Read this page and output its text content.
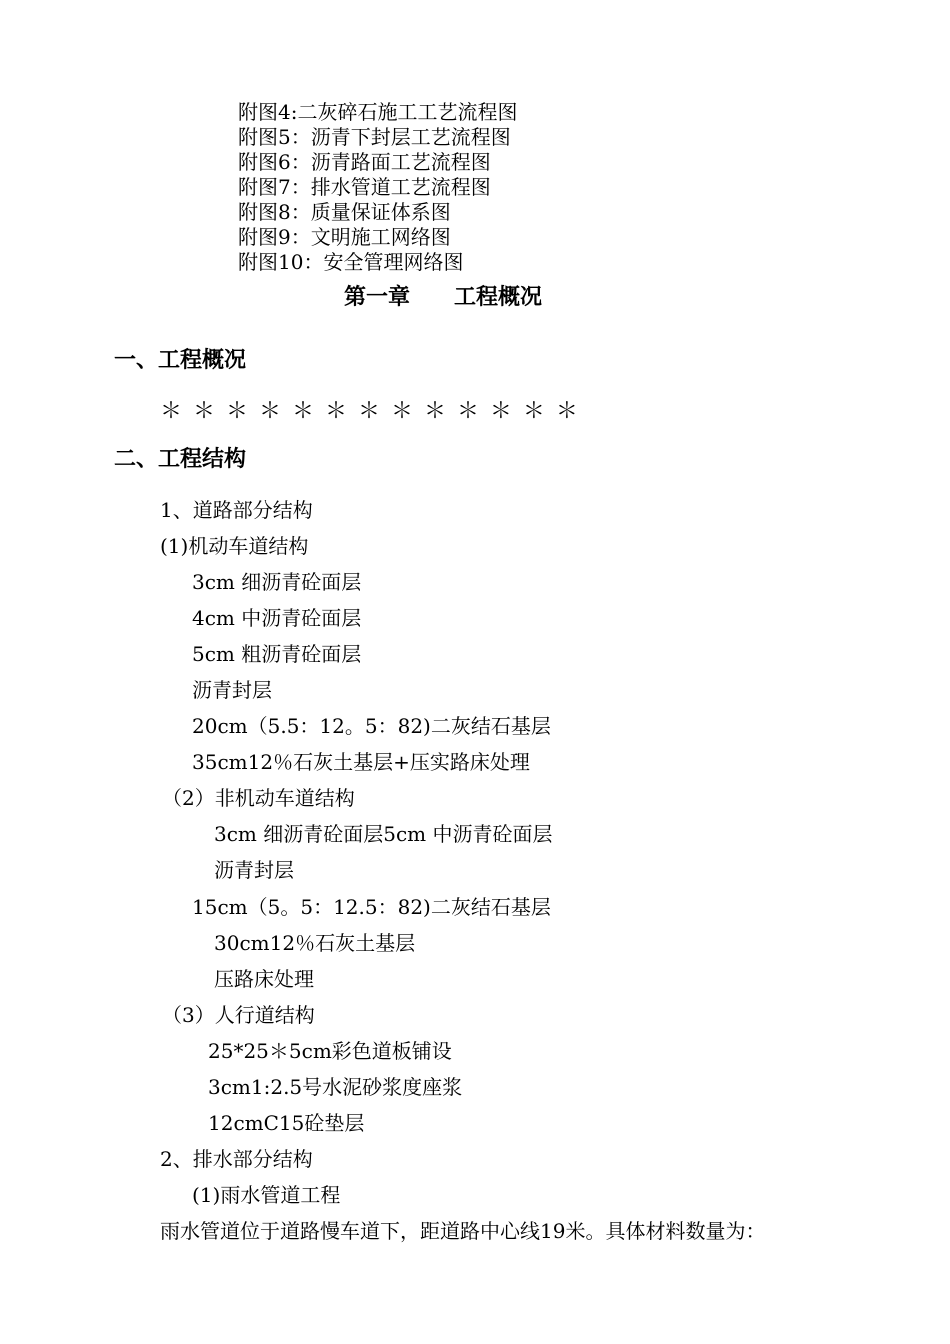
附图4:二灰碎石施工工艺流程图
附图5：沥青下封层工艺流程图
附图6：沥青路面工艺流程图
附图7：排水管道工艺流程图
附图8：质量保证体系图
附图9：文明施工网络图
附图10：安全管理网络图
第一章　　工程概况
一、工程概况
＊ ＊ ＊ ＊ ＊ ＊ ＊ ＊ ＊ ＊ ＊ ＊ ＊
二、工程结构
1、道路部分结构
(1)机动车道结构
3cm 细沥青砼面层
4cm 中沥青砼面层
5cm 粗沥青砼面层
沥青封层
20cm（5.5：12。5：82)二灰结石基层
35cm12％石灰土基层+压实路床处理
（2）非机动车道结构
3cm 细沥青砼面层5cm 中沥青砼面层
沥青封层
15cm（5。5：12.5：82)二灰结石基层
30cm12％石灰土基层
压路床处理
（3）人行道结构
25*25＊5cm彩色道板铺设
3cm1:2.5号水泥砂浆度座浆
12cmC15砼垫层
2、排水部分结构
(1)雨水管道工程
雨水管道位于道路慢车道下，距道路中心线19米。具体材料数量为：
